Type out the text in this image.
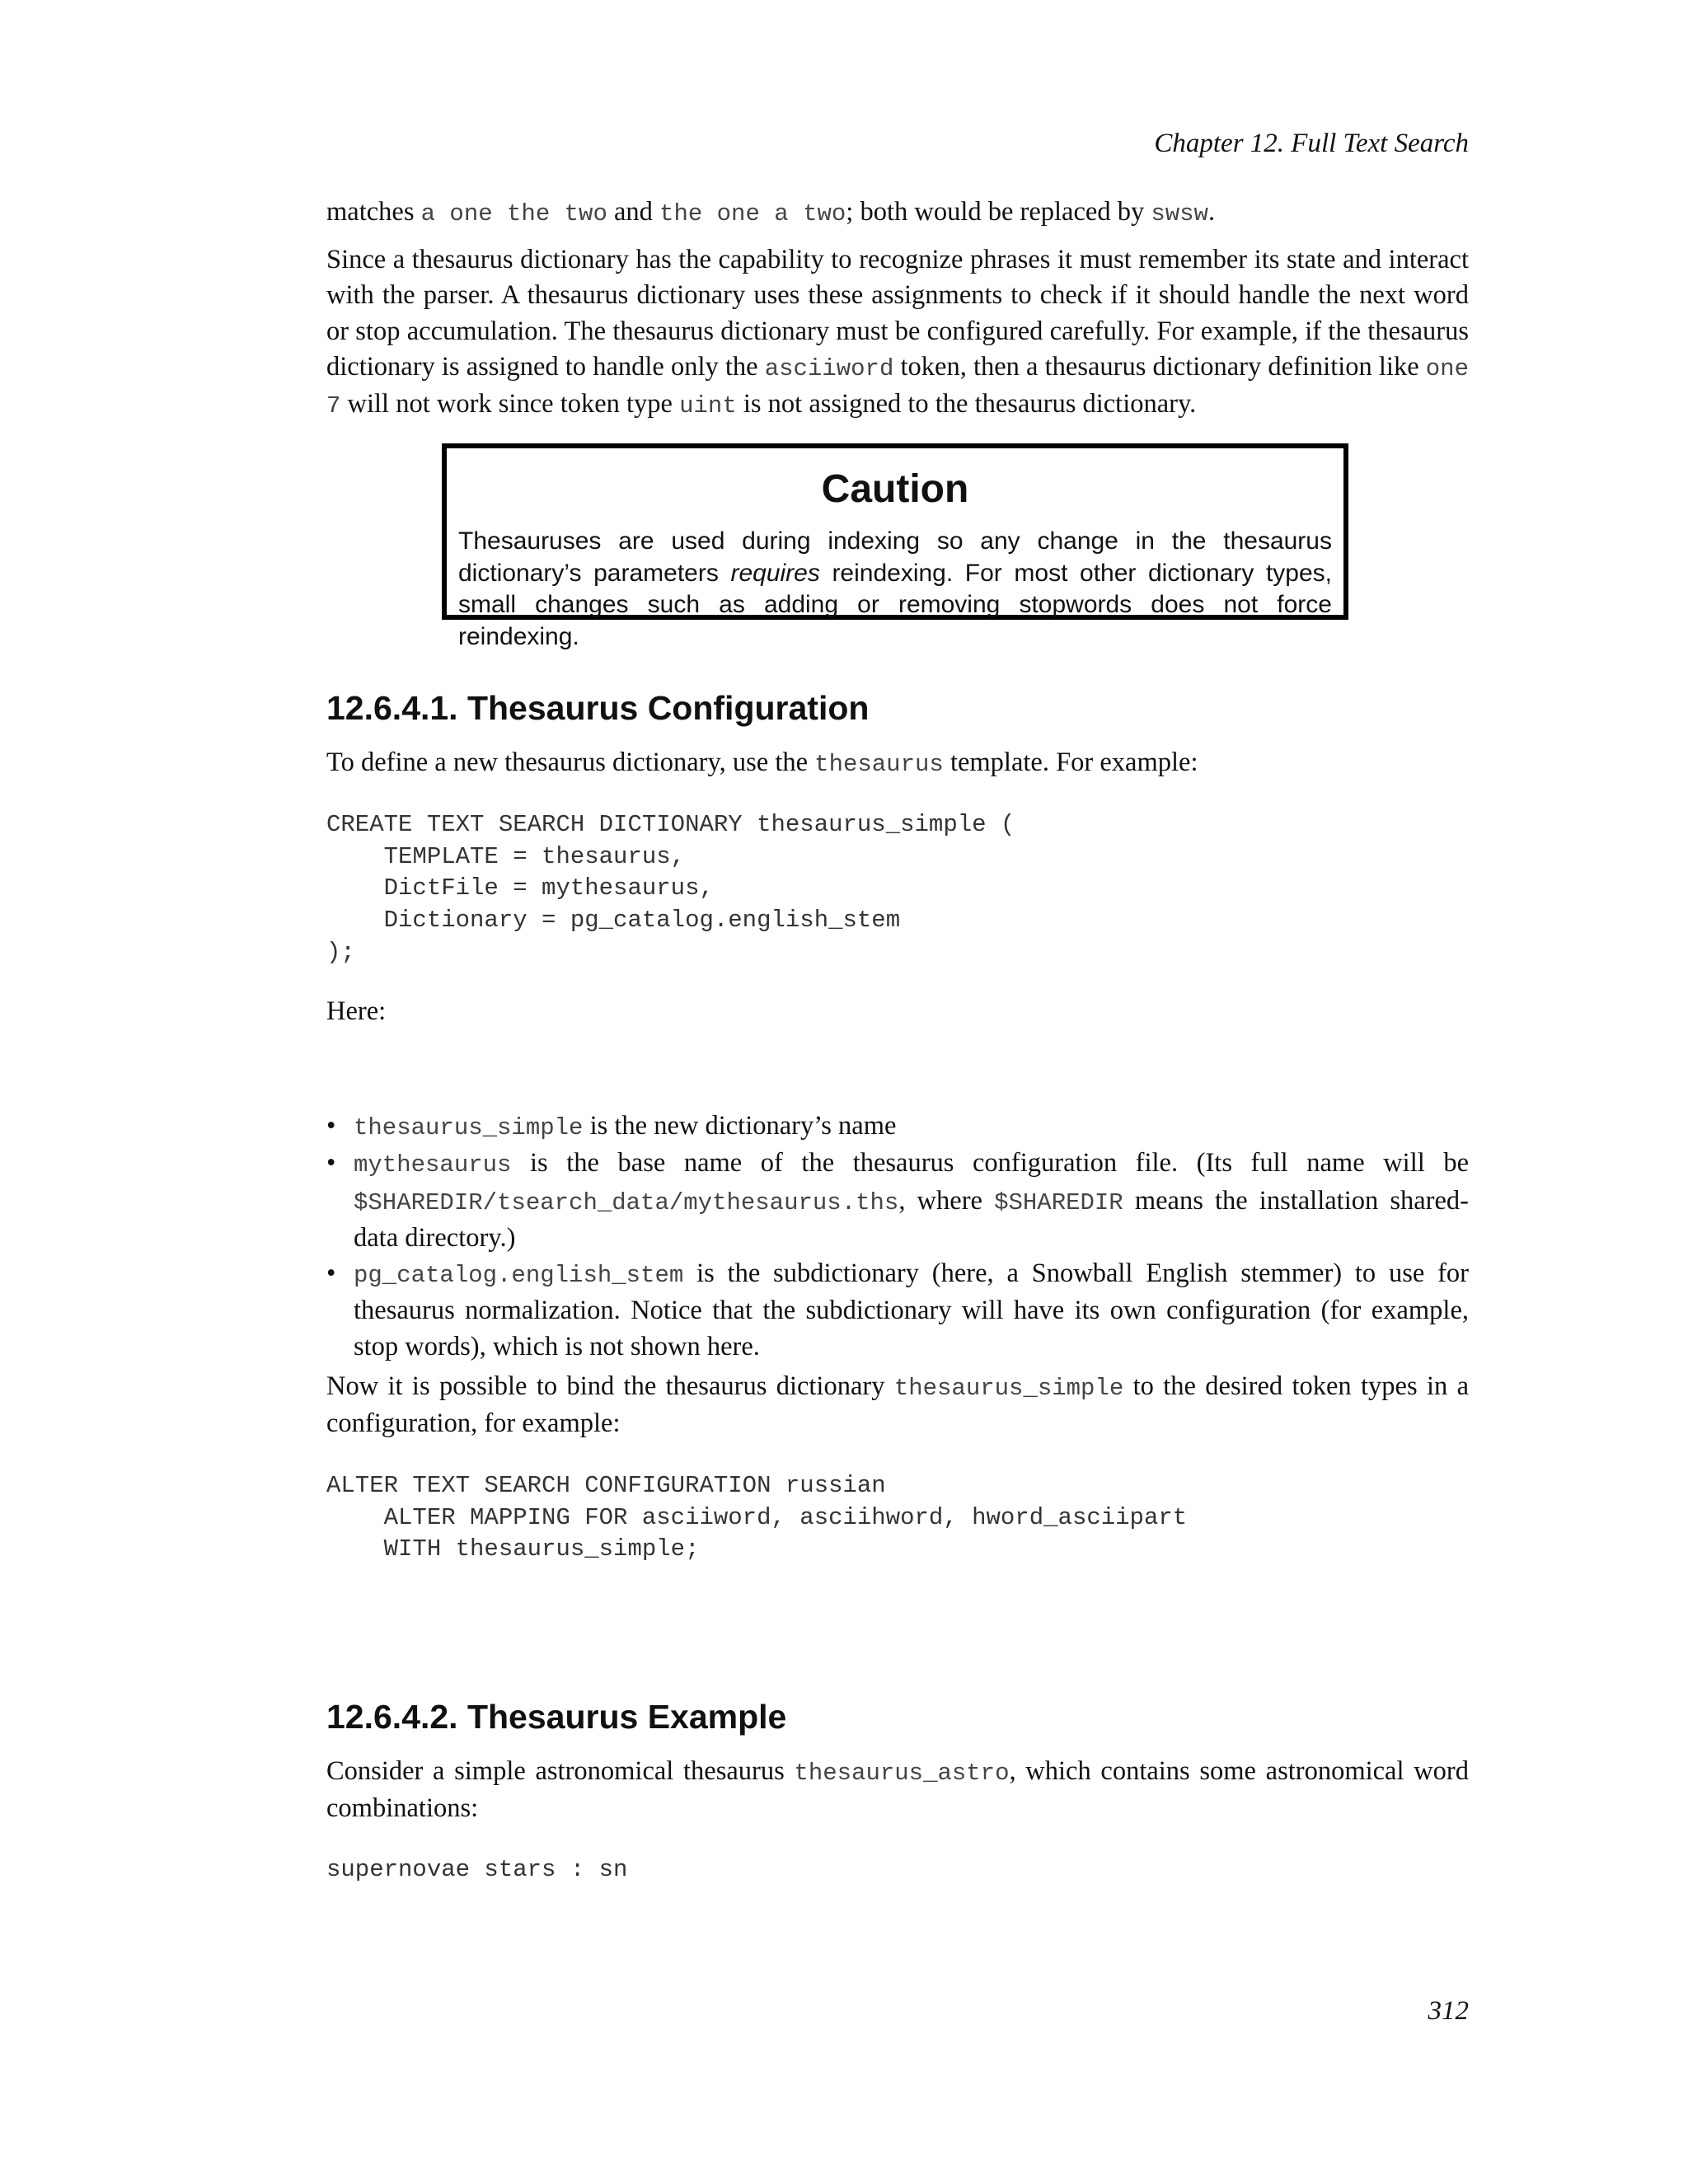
Chapter 12. Full Text Search
matches a one the two and the one a two; both would be replaced by swsw.
Since a thesaurus dictionary has the capability to recognize phrases it must remember its state and interact with the parser. A thesaurus dictionary uses these assignments to check if it should handle the next word or stop accumulation. The thesaurus dictionary must be configured carefully. For example, if the thesaurus dictionary is assigned to handle only the asciiword token, then a thesaurus dictionary definition like one 7 will not work since token type uint is not assigned to the thesaurus dictionary.
Caution
Thesauruses are used during indexing so any change in the thesaurus dictionary’s parameters requires reindexing. For most other dictionary types, small changes such as adding or removing stopwords does not force reindexing.
12.6.4.1. Thesaurus Configuration
To define a new thesaurus dictionary, use the thesaurus template. For example:
CREATE TEXT SEARCH DICTIONARY thesaurus_simple (
TEMPLATE = thesaurus,
DictFile = mythesaurus,
Dictionary = pg_catalog.english_stem
);
Here:
• thesaurus_simple is the new dictionary’s name
• mythesaurus is the base name of the thesaurus configuration file. (Its full name will be $SHAREDIR/tsearch_data/mythesaurus.ths, where $SHAREDIR means the installation shared-data directory.)
• pg_catalog.english_stem is the subdictionary (here, a Snowball English stemmer) to use for thesaurus normalization. Notice that the subdictionary will have its own configuration (for example, stop words), which is not shown here.
Now it is possible to bind the thesaurus dictionary thesaurus_simple to the desired token types in a configuration, for example:
ALTER TEXT SEARCH CONFIGURATION russian
ALTER MAPPING FOR asciiword, asciihword, hword_asciipart
WITH thesaurus_simple;
12.6.4.2. Thesaurus Example
Consider a simple astronomical thesaurus thesaurus_astro, which contains some astronomical word combinations:
supernovae stars : sn
312
